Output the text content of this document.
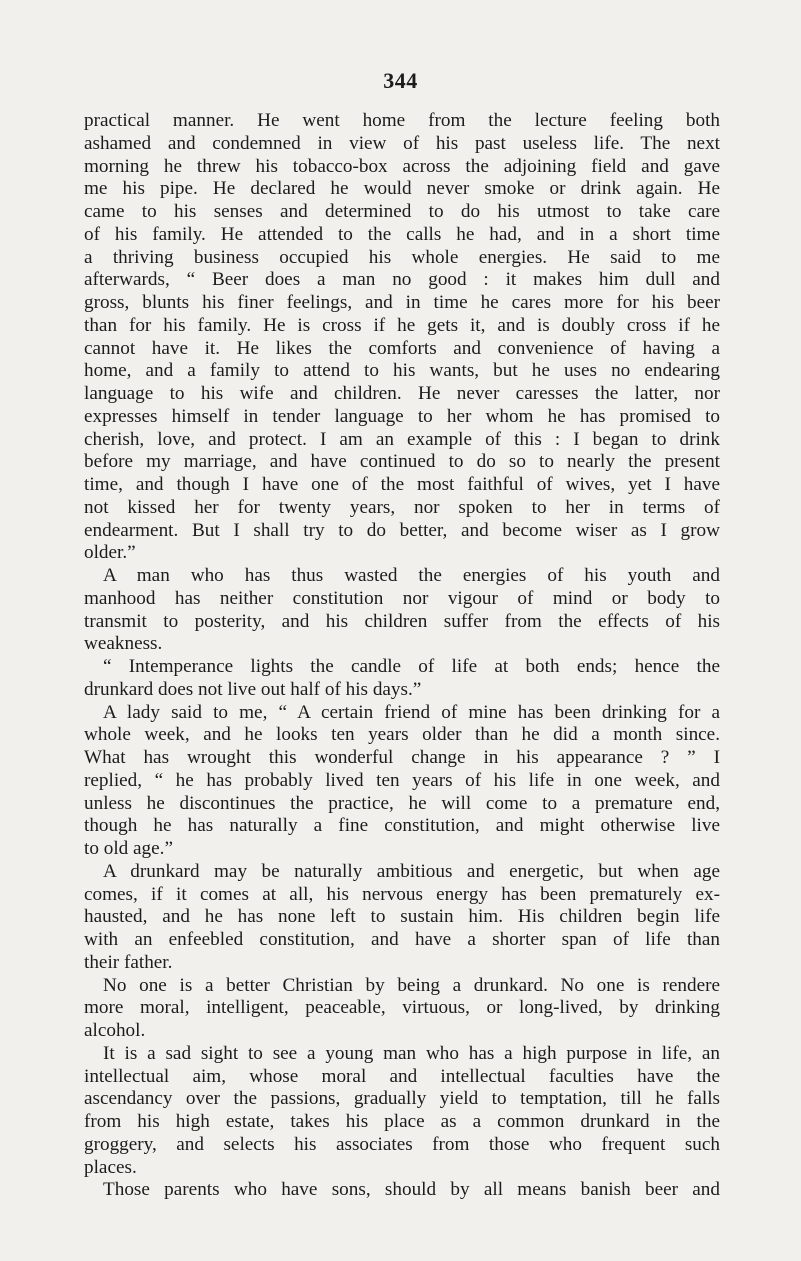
344
practical manner. He went home from the lecture feeling both
ashamed and condemned in view of his past useless life. The next
morning he threw his tobacco-box across the adjoining field and gave
me his pipe. He declared he would never smoke or drink again. He
came to his senses and determined to do his utmost to take care
of his family. He attended to the calls he had, and in a short time
a thriving business occupied his whole energies. He said to me
afterwards, “ Beer does a man no good : it makes him dull and
gross, blunts his finer feelings, and in time he cares more for his beer
than for his family. He is cross if he gets it, and is doubly cross if he
cannot have it. He likes the comforts and convenience of having a
home, and a family to attend to his wants, but he uses no endearing
language to his wife and children. He never caresses the latter, nor
expresses himself in tender language to her whom he has promised to
cherish, love, and protect. I am an example of this : I began to drink
before my marriage, and have continued to do so to nearly the present
time, and though I have one of the most faithful of wives, yet I have
not kissed her for twenty years, nor spoken to her in terms of
endearment. But I shall try to do better, and become wiser as I grow
older.”
A man who has thus wasted the energies of his youth and
manhood has neither constitution nor vigour of mind or body to
transmit to posterity, and his children suffer from the effects of his
weakness.
“ Intemperance lights the candle of life at both ends; hence the
drunkard does not live out half of his days.”
A lady said to me, “ A certain friend of mine has been drinking for a
whole week, and he looks ten years older than he did a month since.
What has wrought this wonderful change in his appearance ? ” I
replied, “ he has probably lived ten years of his life in one week, and
unless he discontinues the practice, he will come to a premature end,
though he has naturally a fine constitution, and might otherwise live
to old age.”
A drunkard may be naturally ambitious and energetic, but when age
comes, if it comes at all, his nervous energy has been prematurely ex-
hausted, and he has none left to sustain him. His children begin life
with an enfeebled constitution, and have a shorter span of life than
their father.
No one is a better Christian by being a drunkard. No one is rendere
more moral, intelligent, peaceable, virtuous, or long-lived, by drinking
alcohol.
It is a sad sight to see a young man who has a high purpose in life, an
intellectual aim, whose moral and intellectual faculties have the
ascendancy over the passions, gradually yield to temptation, till he falls
from his high estate, takes his place as a common drunkard in the
groggery, and selects his associates from those who frequent such
places.
Those parents who have sons, should by all means banish beer and
